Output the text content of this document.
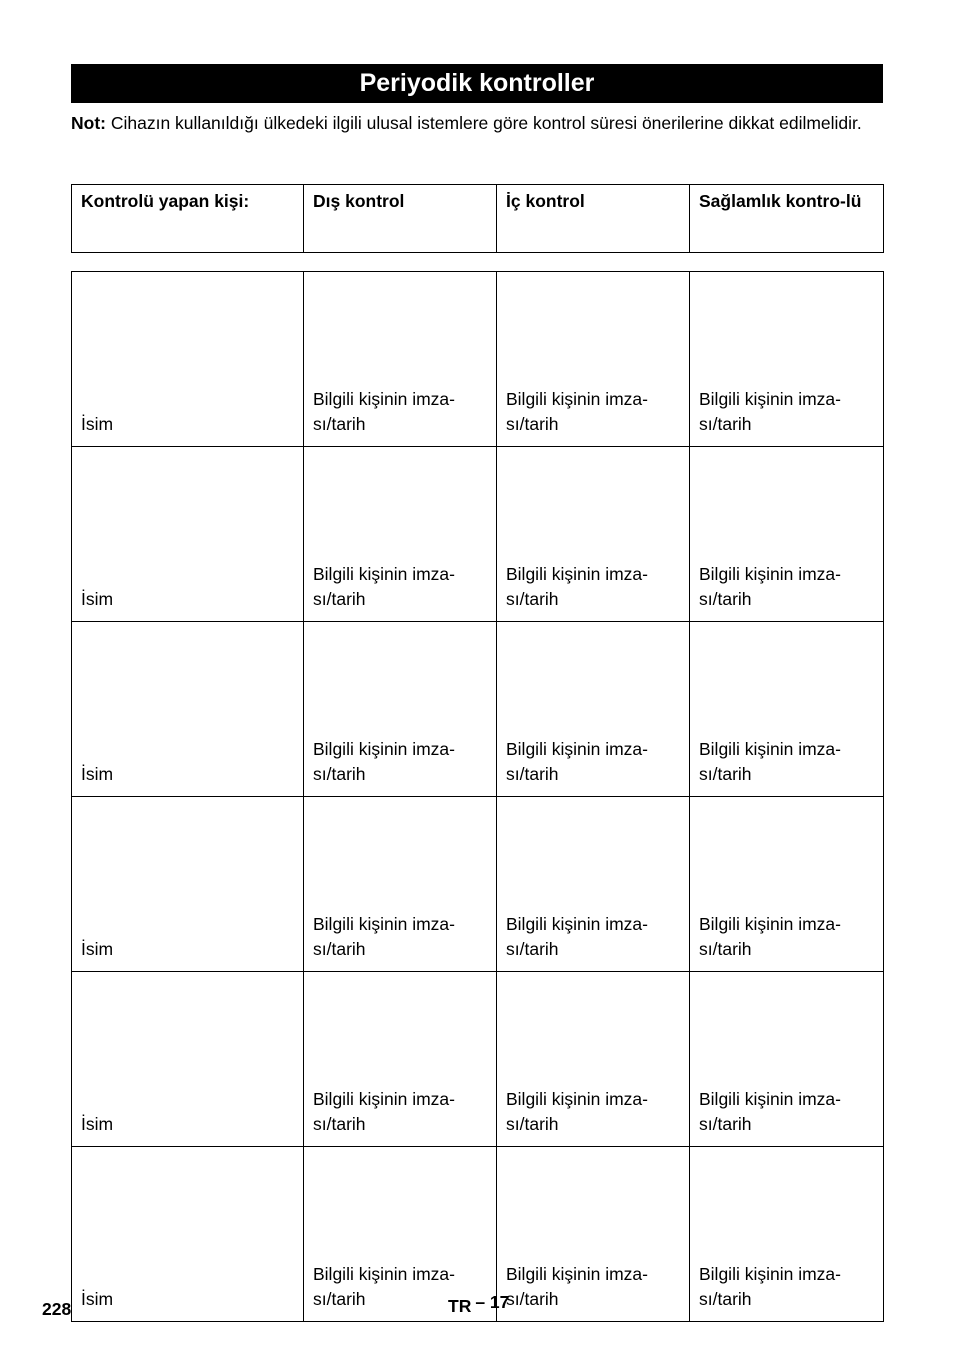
Periyodik kontroller
Not: Cihazın kullanıldığı ülkedeki ilgili ulusal istemlere göre kontrol süresi önerilerine dikkat edilmelidir.
Kontrolü yapan kişi:	Dış kontrol	İç kontrol	Sağlamlık kontro-lü
İsim	Bilgili kişinin imza-sı/tarih	Bilgili kişinin imza-sı/tarih	Bilgili kişinin imza-sı/tarih
İsim	Bilgili kişinin imza-sı/tarih	Bilgili kişinin imza-sı/tarih	Bilgili kişinin imza-sı/tarih
İsim	Bilgili kişinin imza-sı/tarih	Bilgili kişinin imza-sı/tarih	Bilgili kişinin imza-sı/tarih
İsim	Bilgili kişinin imza-sı/tarih	Bilgili kişinin imza-sı/tarih	Bilgili kişinin imza-sı/tarih
İsim	Bilgili kişinin imza-sı/tarih	Bilgili kişinin imza-sı/tarih	Bilgili kişinin imza-sı/tarih
İsim	Bilgili kişinin imza-sı/tarih	Bilgili kişinin imza-sı/tarih	Bilgili kişinin imza-sı/tarih
228	TR – 17
